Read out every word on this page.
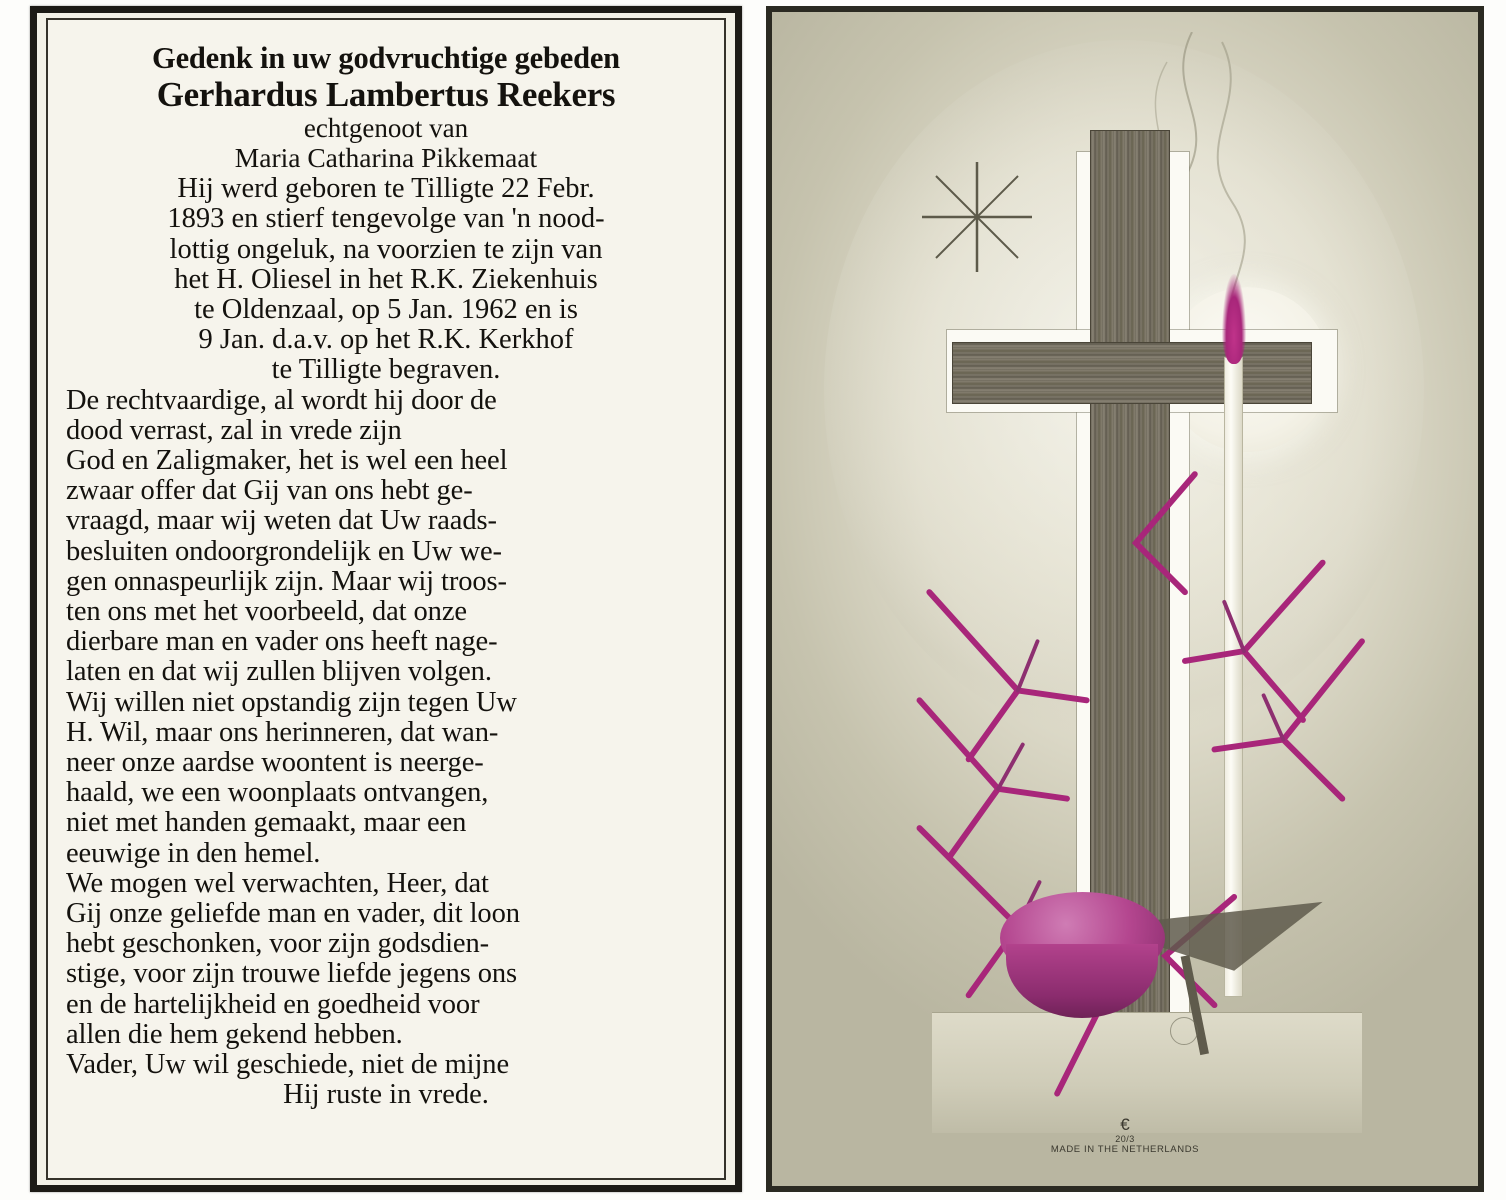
Gedenk in uw godvruchtige gebeden
Gerhardus Lambertus Reekers
echtgenoot van
Maria Catharina Pikkemaat
Hij werd geboren te Tilligte 22 Febr.
1893 en stierf tengevolge van 'n nood-
lottig ongeluk, na voorzien te zijn van
het H. Oliesel in het R.K. Ziekenhuis
te Oldenzaal, op 5 Jan. 1962 en is
9 Jan. d.a.v. op het R.K. Kerkhof
te Tilligte begraven.
De rechtvaardige, al wordt hij door de
dood verrast, zal in vrede zijn
God en Zaligmaker, het is wel een heel
zwaar offer dat Gij van ons hebt ge-
vraagd, maar wij weten dat Uw raads-
besluiten ondoorgrondelijk en Uw we-
gen onnaspeurlijk zijn. Maar wij troos-
ten ons met het voorbeeld, dat onze
dierbare man en vader ons heeft nage-
laten en dat wij zullen blijven volgen.
Wij willen niet opstandig zijn tegen Uw
H. Wil, maar ons herinneren, dat wan-
neer onze aardse woontent is neerge-
haald, we een woonplaats ontvangen,
niet met handen gemaakt, maar een
eeuwige in den hemel.
We mogen wel verwachten, Heer, dat
Gij onze geliefde man en vader, dit loon
hebt geschonken, voor zijn godsdien-
stige, voor zijn trouwe liefde jegens ons
en de hartelijkheid en goedheid voor
allen die hem gekend hebben.
Vader, Uw wil geschiede, niet de mijne
Hij ruste in vrede.
€
20/3
MADE IN THE NETHERLANDS
